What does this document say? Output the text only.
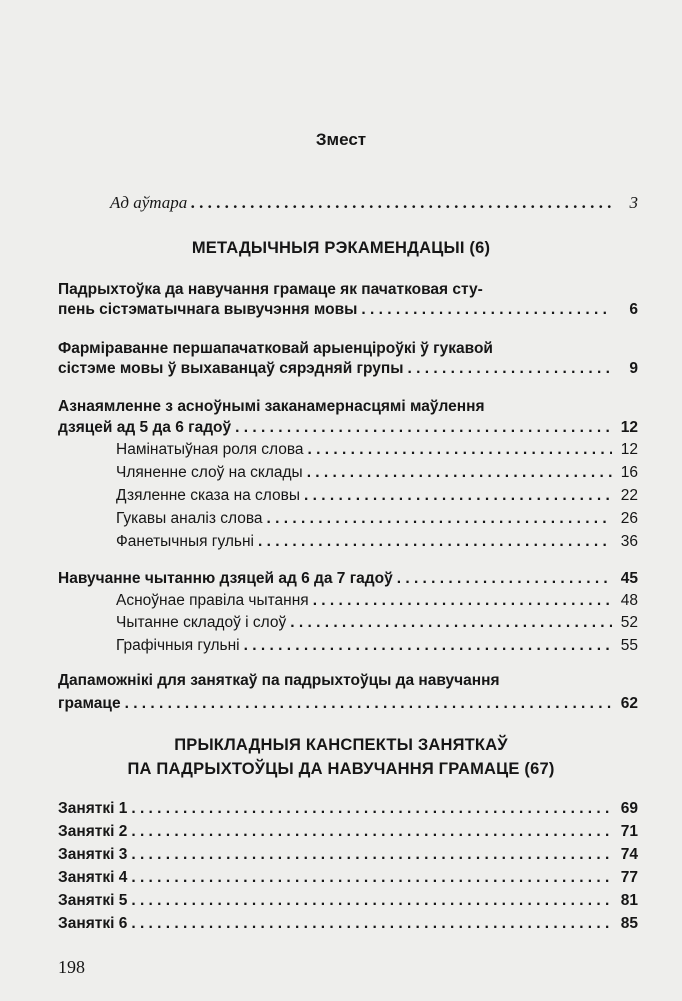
Змест
Ад аўтара . . .	3
МЕТАДЫЧНЫЯ РЭКАМЕНДАЦЫІ (6)
Падрыхтоўка да навучання грамаце як пачатковая сту-
пень сістэматычнага вывучэння мовы . . .	6
Фарміраванне першапачатковай арыенціроўкі ў гукавой
сістэме мовы ў выхаванцаў сярэдняй групы . . .	9
Азнаямленне з асноўнымі заканамернасцямі маўлення
дзяцей ад 5 да 6 гадоў . . .	12
Намінатыўная роля слова . . .	12
Чляненне слоў на склады . . .	16
Дзяленне сказа на словы . . .	22
Гукавы аналіз слова . . .	26
Фанетычныя гульні . . .	36
Навучанне чытанню дзяцей ад 6 да 7 гадоў . . .	45
Асноўнае правіла чытання . . .	48
Чытанне складоў і слоў . . .	52
Графічныя гульні . . .	55
Дапаможнікі для заняткаў па падрыхтоўцы да навучання
грамаце . . .	62
ПРЫКЛАДНЫЯ КАНСПЕКТЫ ЗАНЯТКАЎ
ПА ПАДРЫХТОЎЦЫ ДА НАВУЧАННЯ ГРАМАЦЕ (67)
Заняткі 1 . . .	69
Заняткі 2 . . .	71
Заняткі 3 . . .	74
Заняткі 4 . . .	77
Заняткі 5 . . .	81
Заняткі 6 . . .	85
198
